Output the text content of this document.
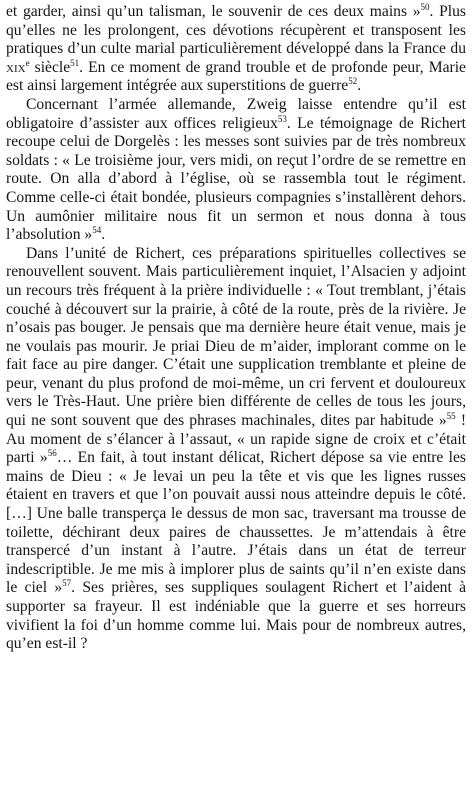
et garder, ainsi qu’un talisman, le souvenir de ces deux mains »$^{50}$. Plus qu’elles ne les prolongent, ces dévotions récupèrent et transposent les pratiques d’un culte marial particulièrement développé dans la France du xix$^e$ siècle$^{51}$. En ce moment de grand trouble et de profonde peur, Marie est ainsi largement intégrée aux superstitions de guerre$^{52}$.

Concernant l’armée allemande, Zweig laisse entendre qu’il est obligatoire d’assister aux offices religieux$^{53}$. Le témoignage de Richert recoupe celui de Dorgelès : les messes sont suivies par de très nombreux soldats : « Le troisième jour, vers midi, on reçut l’ordre de se remettre en route. On alla d’abord à l’église, où se rassembla tout le régiment. Comme celle-ci était bondée, plusieurs compagnies s’installèrent dehors. Un aumônier militaire nous fit un sermon et nous donna à tous l’absolution »$^{54}$.

Dans l’unité de Richert, ces préparations spirituelles collectives se renouvellent souvent. Mais particulièrement inquiet, l’Alsacien y adjoint un recours très fréquent à la prière individuelle : « Tout tremblant, j’étais couché à découvert sur la prairie, à côté de la route, près de la rivière. Je n’osais pas bouger. Je pensais que ma dernière heure était venue, mais je ne voulais pas mourir. Je priai Dieu de m’aider, implorant comme on le fait face au pire danger. C’était une supplication tremblante et pleine de peur, venant du plus profond de moi-même, un cri fervent et douloureux vers le Très-Haut. Une prière bien différente de celles de tous les jours, qui ne sont souvent que des phrases machinales, dites par habitude »$^{55}$ ! Au moment de s’élancer à l’assaut, « un rapide signe de croix et c’était parti »$^{56}$… En fait, à tout instant délicat, Richert dépose sa vie entre les mains de Dieu : « Je levai un peu la tête et vis que les lignes russes étaient en travers et que l’on pouvait aussi nous atteindre depuis le côté. […] Une balle transperça le dessus de mon sac, traversant ma trousse de toilette, déchirant deux paires de chaussettes. Je m’attendais à être transpercé d’un instant à l’autre. J’étais dans un état de terreur indescriptible. Je me mis à implorer plus de saints qu’il n’en existe dans le ciel »$^{57}$. Ses prières, ses suppliques soulagent Richert et l’aident à supporter sa frayeur. Il est indéniable que la guerre et ses horreurs vivifient la foi d’un homme comme lui. Mais pour de nombreux autres, qu’en est-il ?
